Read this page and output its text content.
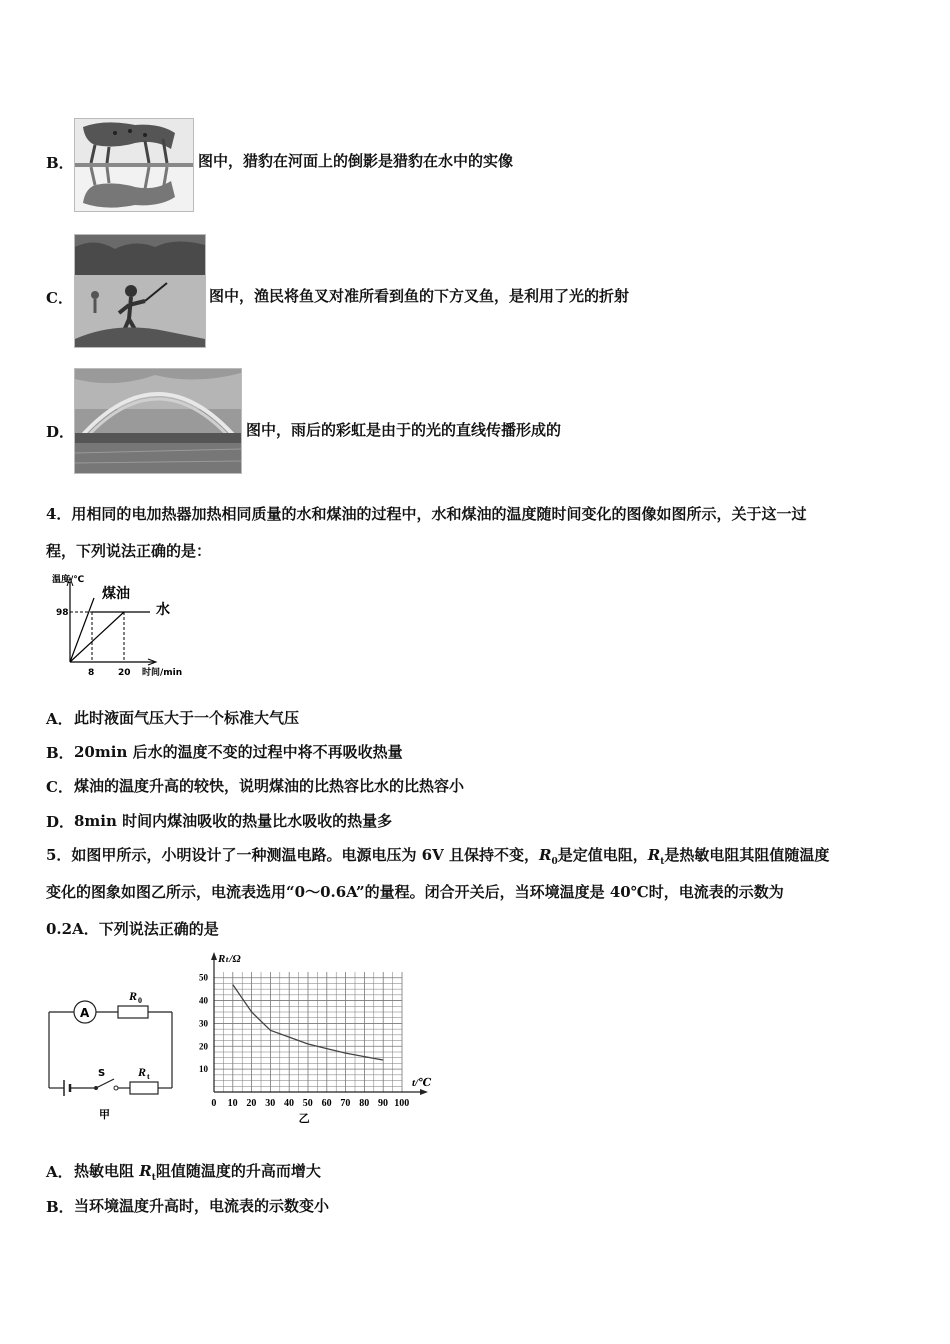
B．	图中，猎豹在河面上的倒影是猎豹在水中的实像
C．	图中，渔民将鱼叉对准所看到鱼的下方叉鱼，是利用了光的折射
D．	图中，雨后的彩虹是由于的光的直线传播形成的
4．用相同的电加热器加热相同质量的水和煤油的过程中，水和煤油的温度随时间变化的图像如图所示，关于这一过
程，下列说法正确的是：
温度/℃
98
煤油
水
8	20 时间/min
A． 此时液面气压大于一个标准大气压
B． 20min 后水的温度不变的过程中将不再吸收热量
C． 煤油的温度升高的较快，说明煤油的比热容比水的比热容小
D． 8min 时间内煤油吸收的热量比水吸收的热量多
5．如图甲所示，小明设计了一种测温电路。电源电压为 6V 且保持不变，$R_0$是定值电阻，$R_t$是热敏电阻其阻值随温度
变化的图象如图乙所示，电流表选用“0～0.6A”的量程。闭合开关后，当环境温度是 40℃时，电流表的示数为
0.2A．下列说法正确的是
A
R 0
S	R t
甲
10
20
30
40
50
0 10 20 30 40 50 60 70 80 90 100
Rₜ/Ω
t/℃
乙
A． 热敏电阻 $R_t$阻值随温度的升高而增大
B． 当环境温度升高时，电流表的示数变小
